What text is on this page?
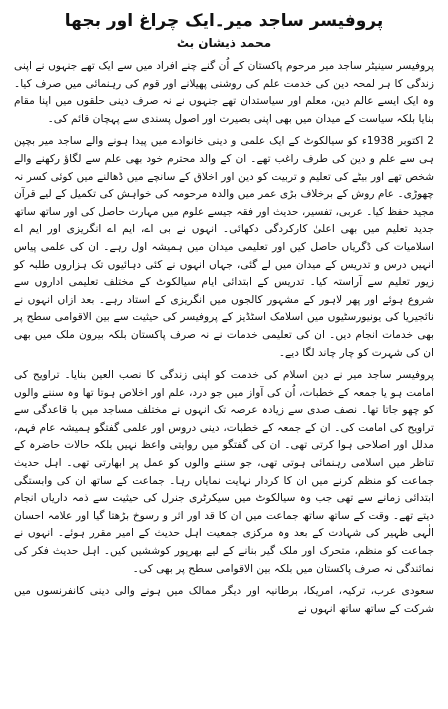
پروفیسر ساجد میر۔ایک چراغ اور بجھا
محمد ذیشان بٹ

پروفیسر سینیٹر ساجد میر مرحوم پاکستان کے اُن گنے چنے افراد میں سے ایک تھے جنہوں نے اپنی زندگی کا ہر لمحہ دین کی خدمت علم کی روشنی پھیلانے اور قوم کی رہنمائی میں صرف کیا۔ وہ ایک ایسے عالم دین، معلم اور سیاستدان تھے جنہوں نے نہ صرف دینی حلقوں میں اپنا مقام بنایا بلکہ سیاست کے میدان میں بھی اپنی بصیرت اور اصول پسندی سے پہچان قائم کی۔

2 اکتوبر 1938ء کو سیالکوٹ کے ایک علمی و دینی خانوادے میں پیدا ہونے والے ساجد میر بچپن ہی سے علم و دین کی طرف راغب تھے۔ ان کے والد محترم خود بھی علم سے لگاؤ رکھنے والے شخص تھے اور بیٹے کی تعلیم و تربیت کو دین اور اخلاق کے سانچے میں ڈھالنے میں کوئی کسر نہ چھوڑی۔ عام روش کے برخلاف بڑی عمر میں والدہ مرحومہ کی خواہش کی تکمیل کے لیے قرآن مجید حفظ کیا۔ عربی، تفسیر، حدیث اور فقہ جیسے علوم میں مہارت حاصل کی اور ساتھ ساتھ جدید تعلیم میں بھی اعلیٰ کارکردگی دکھائی۔ انہوں نے بی اے، ایم اے انگریزی اور ایم اے اسلامیات کی ڈگریاں حاصل کیں اور تعلیمی میدان میں ہمیشہ اول رہے۔ ان کی علمی پیاس انہیں درس و تدریس کے میدان میں لے گئی، جہاں انہوں نے کئی دہائیوں تک ہزاروں طلبہ کو زیور تعلیم سے آراستہ کیا۔ تدریس کے ابتدائی ایام سیالکوٹ کے مختلف تعلیمی اداروں سے شروع ہوئے اور پھر لاہور کے مشہور کالجوں میں انگریزی کے استاد رہے۔ بعد ازاں انہوں نے نائجیریا کی یونیورسٹیوں میں اسلامک اسٹڈیز کے پروفیسر کی حیثیت سے بین الاقوامی سطح پر بھی خدمات انجام دیں۔ ان کی تعلیمی خدمات نے نہ صرف پاکستان بلکہ بیرون ملک میں بھی ان کی شہرت کو چار چاند لگا دیے۔

پروفیسر ساجد میر نے دین اسلام کی خدمت کو اپنی زندگی کا نصب العین بنایا۔ تراویح کی امامت ہو یا جمعہ کے خطبات، اُن کی آواز میں جو درد، علم اور اخلاص ہوتا تھا وہ سننے والوں کو چھو جاتا تھا۔ نصف صدی سے زیادہ عرصہ تک انہوں نے مختلف مساجد میں با قاعدگی سے تراویح کی امامت کی۔ ان کے جمعہ کے خطبات، دینی دروس اور علمی گفتگو ہمیشہ عام فہم، مدلل اور اصلاحی ہوا کرتی تھی۔ ان کی گفتگو میں روایتی واعظ نہیں بلکہ حالات حاضرہ کے تناظر میں اسلامی رہنمائی ہوتی تھی، جو سننے والوں کو عمل پر ابھارتی تھی۔ اہل حدیث جماعت کو منظم کرنے میں ان کا کردار نہایت نمایاں رہا۔ جماعت کے ساتھ ان کی وابستگی ابتدائی زمانے سے تھی جب وہ سیالکوٹ میں سیکرٹری جنرل کی حیثیت سے ذمہ داریاں انجام دیتے تھے۔ وقت کے ساتھ ساتھ جماعت میں ان کا قد اور اثر و رسوخ بڑھتا گیا اور علامہ احسان الٰہی ظہیر کی شہادت کے بعد وہ مرکزی جمعیت اہل حدیث کے امیر مقرر ہوئے۔ انہوں نے جماعت کو منظم، متحرک اور ملک گیر بنانے کے لیے بھرپور کوششیں کیں۔ اہل حدیث فکر کی نمائندگی نہ صرف پاکستان میں بلکہ بین الاقوامی سطح پر بھی کی۔

سعودی عرب، ترکیہ، امریکا، برطانیہ اور دیگر ممالک میں ہونے والی دینی کانفرنسوں میں شرکت کے ساتھ ساتھ انہوں نے
